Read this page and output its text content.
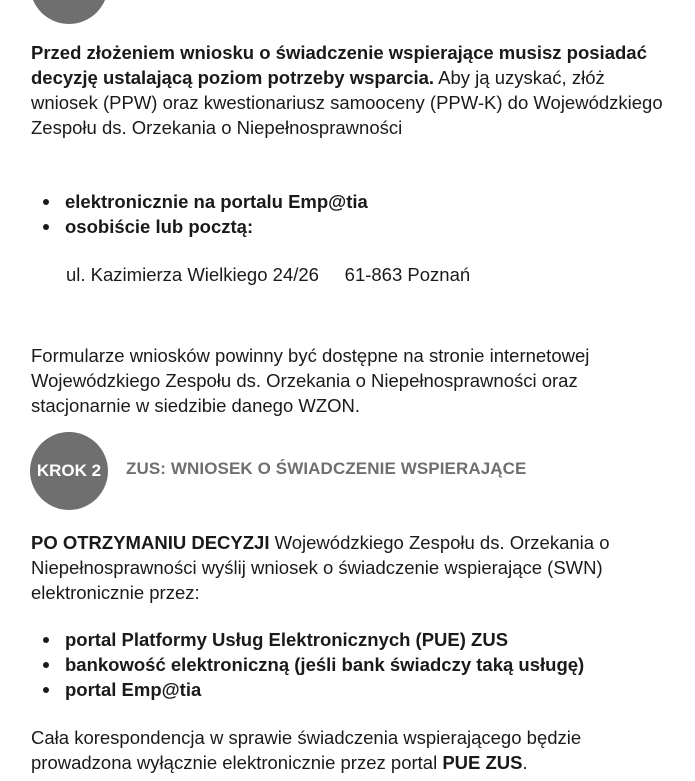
Przed złożeniem wniosku o świadczenie wspierające musisz posiadać decyzję ustalającą poziom potrzeby wsparcia. Aby ją uzyskać, złóż wniosek (PPW) oraz kwestionariusz samooceny (PPW-K) do Wojewódzkiego Zespołu ds. Orzekania o Niepełnosprawności

elektronicznie na portalu Emp@tia
osobiście lub pocztą:
ul. Kazimierza Wielkiego 24/26 61-863 Poznań

Formularze wniosków powinny być dostępne na stronie internetowej Wojewódzkiego Zespołu ds. Orzekania o Niepełnosprawności oraz stacjonarnie w siedzibie danego WZON.

KROK 2 ZUS: WNIOSEK O ŚWIADCZENIE WSPIERAJĄCE

PO OTRZYMANIU DECYZJI Wojewódzkiego Zespołu ds. Orzekania o Niepełnosprawności wyślij wniosek o świadczenie wspierające (SWN) elektronicznie przez:

portal Platformy Usług Elektronicznych (PUE) ZUS
bankowość elektroniczną (jeśli bank świadczy taką usługę)
portal Emp@tia

Cała korespondencja w sprawie świadczenia wspierającego będzie prowadzona wyłącznie elektronicznie przez portal PUE ZUS.
